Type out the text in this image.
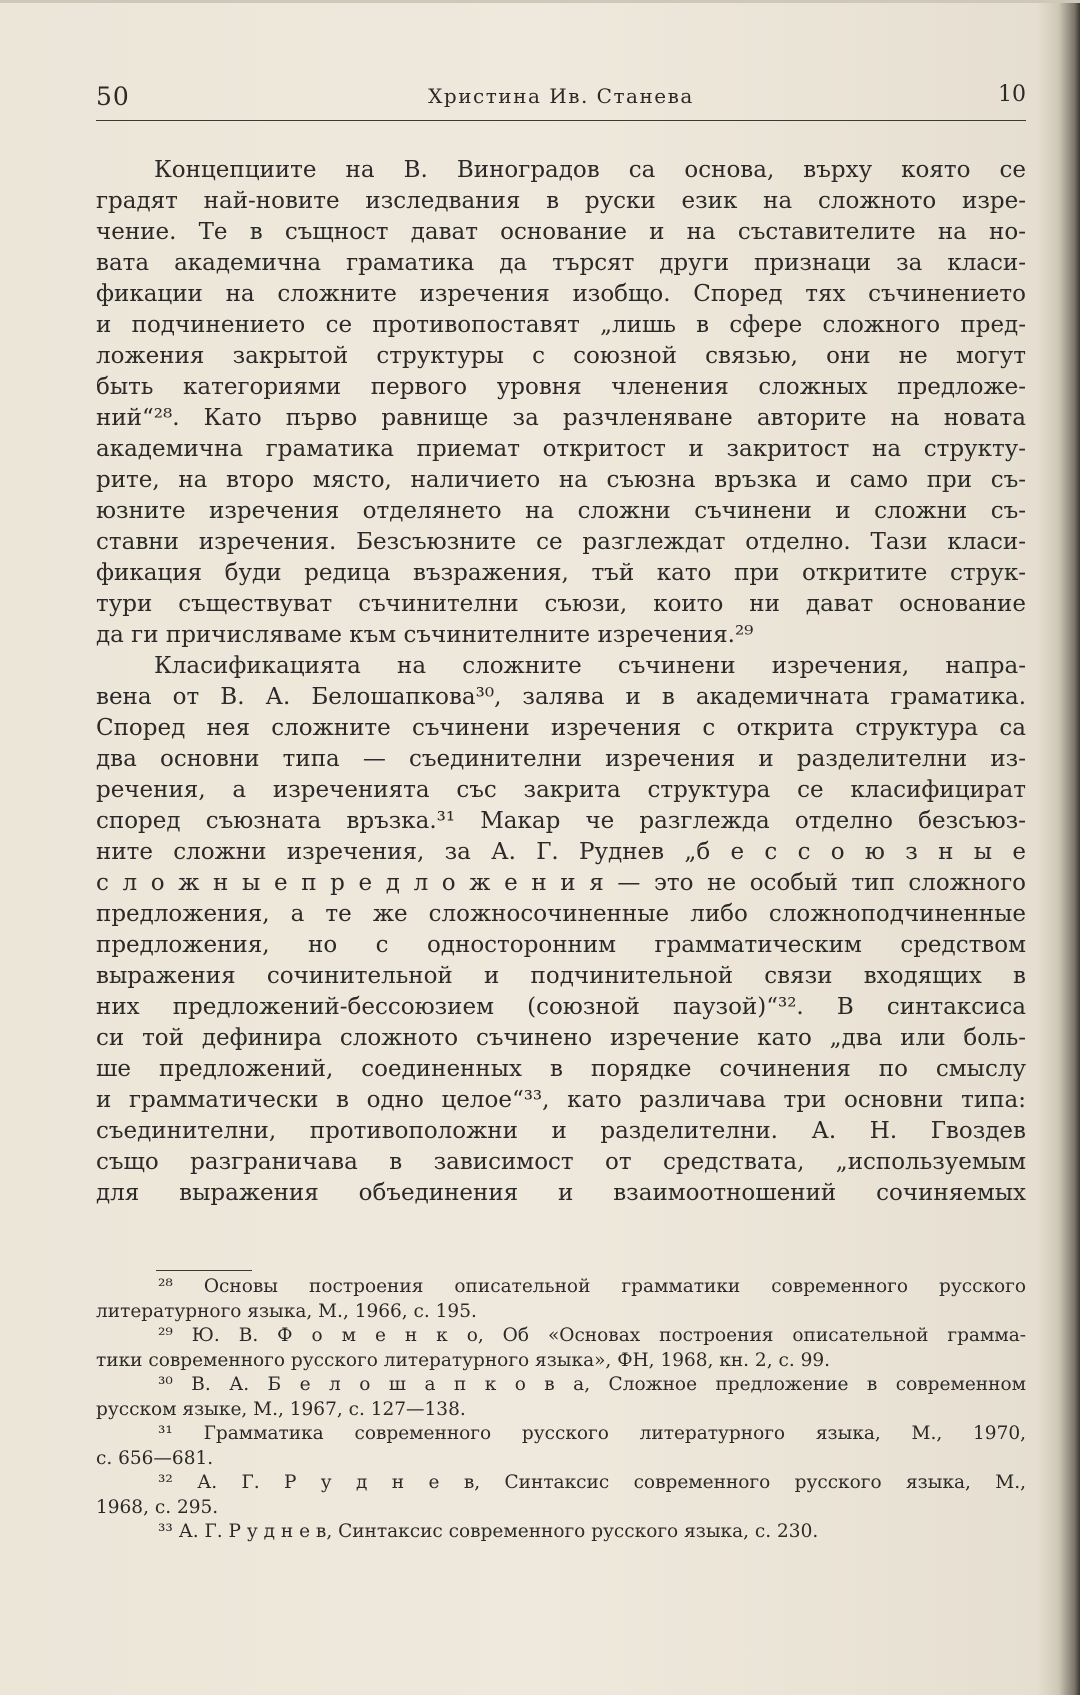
50	Христина Ив. Станева	10
Концепциите на В. Виноградов са основа, върху която се
градят най-новите изследвания в руски език на сложното изре-
чение. Те в същност дават основание и на съставителите на но-
вата академична граматика да търсят други признаци за класи-
фикации на сложните изречения изобщо. Според тях съчинението
и подчинението се противопоставят „лишь в сфере сложного пред-
ложения закрытой структуры с союзной связью, они не могут
быть категориями первого уровня членения сложных предложе-
ний“²⁸. Като първо равнище за разчленяване авторите на новата
академична граматика приемат откритост и закритост на структу-
рите, на второ място, наличието на съюзна връзка и само при съ-
юзните изречения отделянето на сложни съчинени и сложни съ-
ставни изречения. Безсъюзните се разглеждат отделно. Тази класи-
фикация буди редица възражения, тъй като при откритите струк-
тури съществуват съчинителни съюзи, които ни дават основание
да ги причисляваме към съчинителните изречения.²⁹
Класификацията на сложните съчинени изречения, напра-
вена от В. А. Белошапкова³⁰, залява и в академичната граматика.
Според нея сложните съчинени изречения с открита структура са
два основни типа — съединителни изречения и разделителни из-
речения, а изреченията със закрита структура се класифицират
според съюзната връзка.³¹ Макар че разглежда отделно безсъюз-
ните сложни изречения, за А. Г. Руднев „б е с с о ю з н ы е
с л о ж н ы е п р е д л о ж е н и я — это не особый тип сложного
предложения, а те же сложносочиненные либо сложноподчиненные
предложения, но с односторонним грамматическим средством
выражения сочинительной и подчинительной связи входящих в
них предложений-бессоюзием (союзной паузой)“³². В синтаксиса
си той дефинира сложното съчинено изречение като „два или боль-
ше предложений, соединенных в порядке сочинения по смыслу
и грамматически в одно целое“³³, като различава три основни типа:
съединителни, противоположни и разделителни. А. Н. Гвоздев
също разграничава в зависимост от средствата, „используемым
для выражения объединения и взаимоотношений сочиняемых
²⁸ Основы построения описательной грамматики современного русского
литературного языка, М., 1966, с. 195.
²⁹ Ю. В. Ф о м е н к о, Об «Основах построения описательной грамма-
тики современного русского литературного языка», ФН, 1968, кн. 2, с. 99.
³⁰ В. А. Б е л о ш а п к о в а, Сложное предложение в современном
русском языке, М., 1967, с. 127—138.
³¹ Грамматика современного русского литературного языка, М., 1970,
с. 656—681.
³² А. Г. Р у д н е в, Синтаксис современного русского языка, М.,
1968, с. 295.
³³ А. Г. Р у д н е в, Синтаксис современного русского языка, с. 230.
